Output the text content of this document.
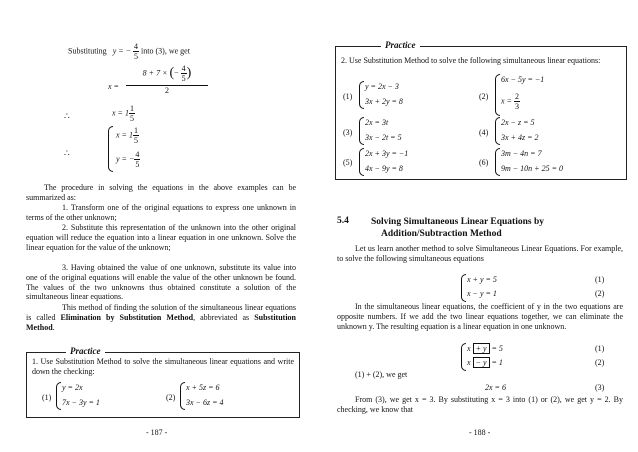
Substituting y = − $\frac{4}{5}$ into (3), we get
x =
8 + 7 × (− $\frac{4}{5}$ )
2
∴	$x = 1 \frac{1}{5}$
∴
$x = 1 \frac{1}{5}$
y = − $\frac{4}{5}$
The procedure in solving the equations in the above examples can be summarized as:
1. Transform one of the original equations to express one unknown in terms of the other unknown;
2. Substitute this representation of the unknown into the other original equation will reduce the equation into a linear equation in one unknown. Solve the linear equation for the value of the unknown;
3. Having obtained the value of one unknown, substitute its value into one of the original equations will enable the value of the other unknown be found. The values of the two unknowns thus obtained constitute a solution of the simultaneous linear equations.
This method of finding the solution of the simultaneous linear equations is called Elimination by Substitution Method, abbreviated as Substitution Method.
Practice
1. Use Substitution Method to solve the simultaneous linear equations and write down the checking:
(1)
y = 2x
7x − 3y = 1
(2)
x + 5z = 6
3x − 6z = 4
- 187 -
Practice
2. Use Substitution Method to solve the following simultaneous linear equations:
(1)
y = 2x − 3
3x + 2y = 8
(2)
6x − 5y = −1
$x = \frac{2}{3}$
(3)
2x = 3t
3x − 2t = 5
(4)
2x − z = 5
3x + 4z = 2
(5)
2x + 3y = −1
4x − 9y = 8
(6)
3m − 4n = 7
9m − 10n + 25 = 0
5.4 Solving Simultaneous Linear Equations by
Addition/Subtraction Method
Let us learn another method to solve Simultaneous Linear Equations. For example, to solve the following simultaneous equations
x + y = 5
x − y = 1
(1)
(2)
In the simultaneous linear equations, the coefficient of y in the two equations are opposite numbers. If we add the two linear equations together, we can eliminate the unknown y. The resulting equation is a linear equation in one unknown.
x + y = 5
x − y = 1
(1)
(2)
(1) + (2), we get
2x = 6	(3)
From (3), we get x = 3. By substituting x = 3 into (1) or (2), we get y = 2. By checking, we know that
- 188 -
